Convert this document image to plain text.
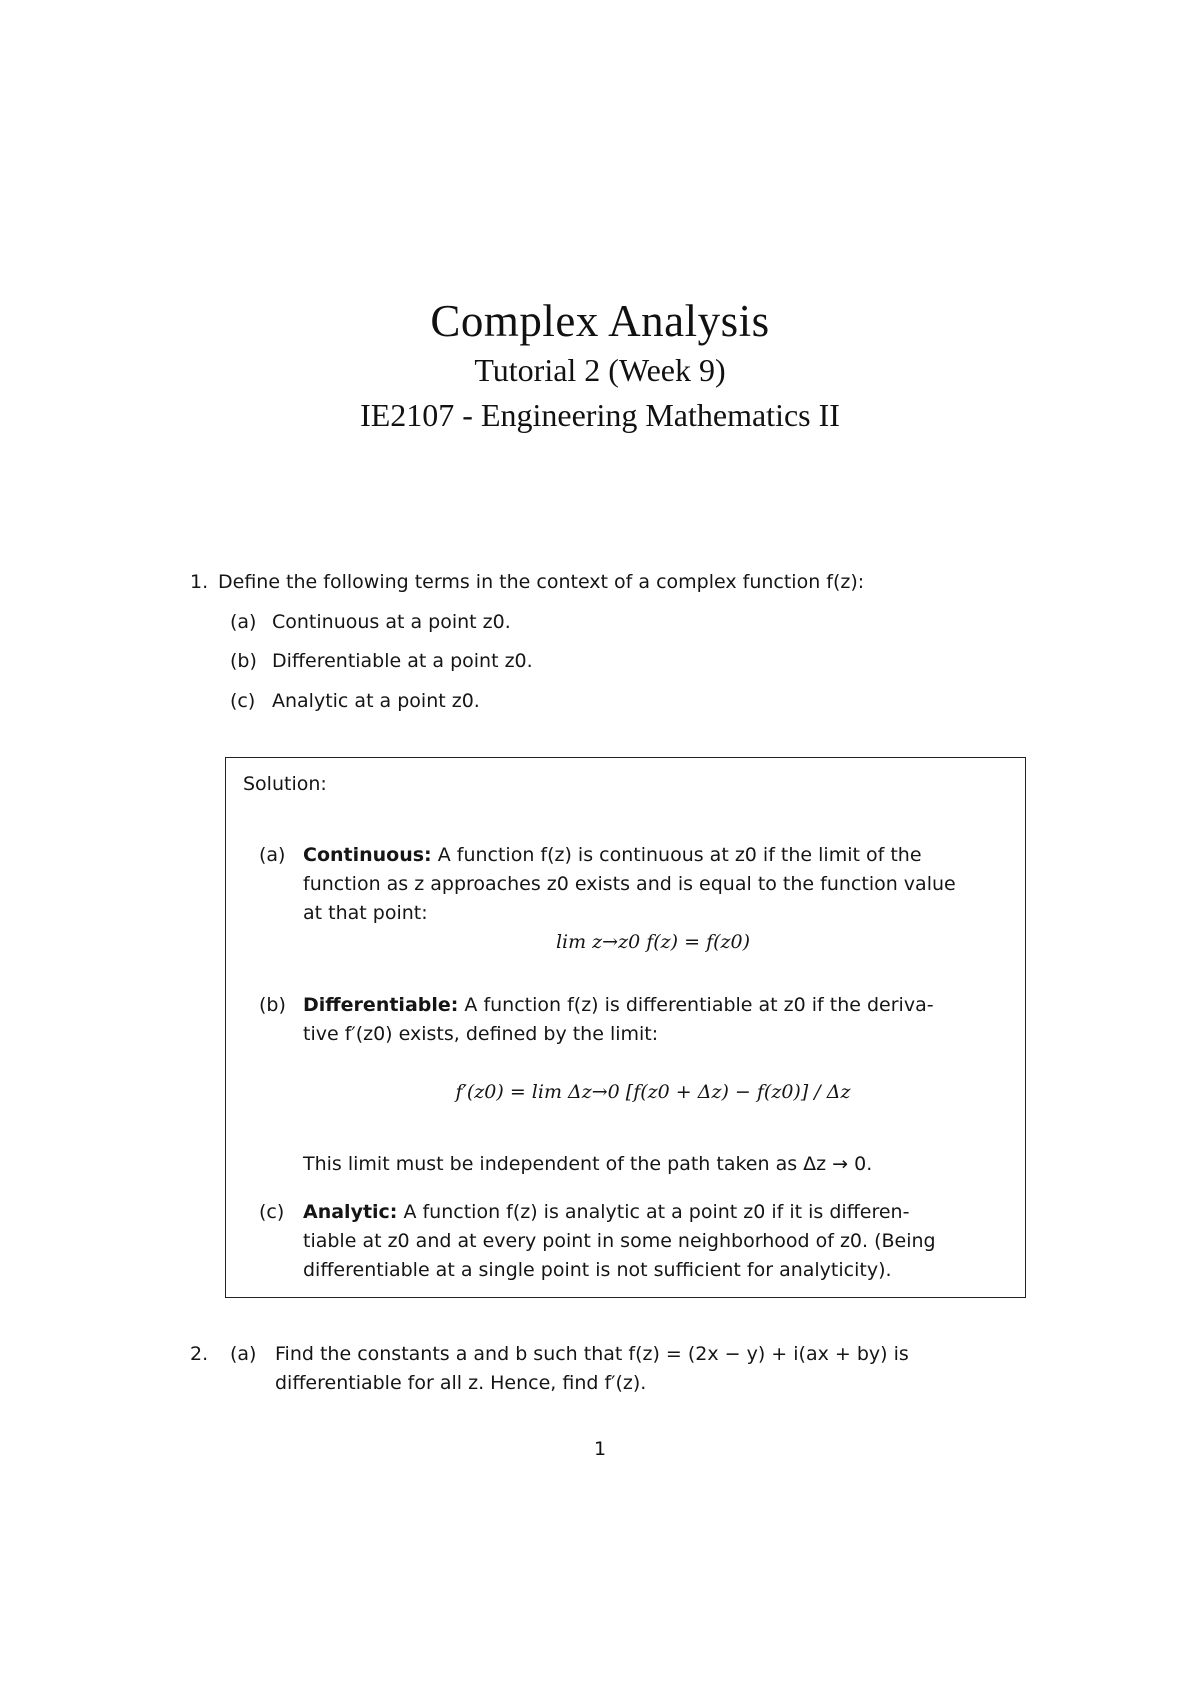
Complex Analysis
Tutorial 2 (Week 9)
IE2107 - Engineering Mathematics II
1. Define the following terms in the context of a complex function f(z):
(a) Continuous at a point z0.
(b) Differentiable at a point z0.
(c) Analytic at a point z0.
Solution:
(a) Continuous: A function f(z) is continuous at z0 if the limit of the
function as z approaches z0 exists and is equal to the function value
at that point:
lim z→z0 f(z) = f(z0)
(b) Differentiable: A function f(z) is differentiable at z0 if the deriva-
tive f′(z0) exists, defined by the limit:
f′(z0) = lim Δz→0 [f(z0 + Δz) − f(z0)] / Δz
This limit must be independent of the path taken as Δz → 0.
(c) Analytic: A function f(z) is analytic at a point z0 if it is differen-
tiable at z0 and at every point in some neighborhood of z0. (Being
differentiable at a single point is not sufficient for analyticity).
2. (a) Find the constants a and b such that f(z) = (2x − y) + i(ax + by) is
differentiable for all z. Hence, find f′(z).
1
